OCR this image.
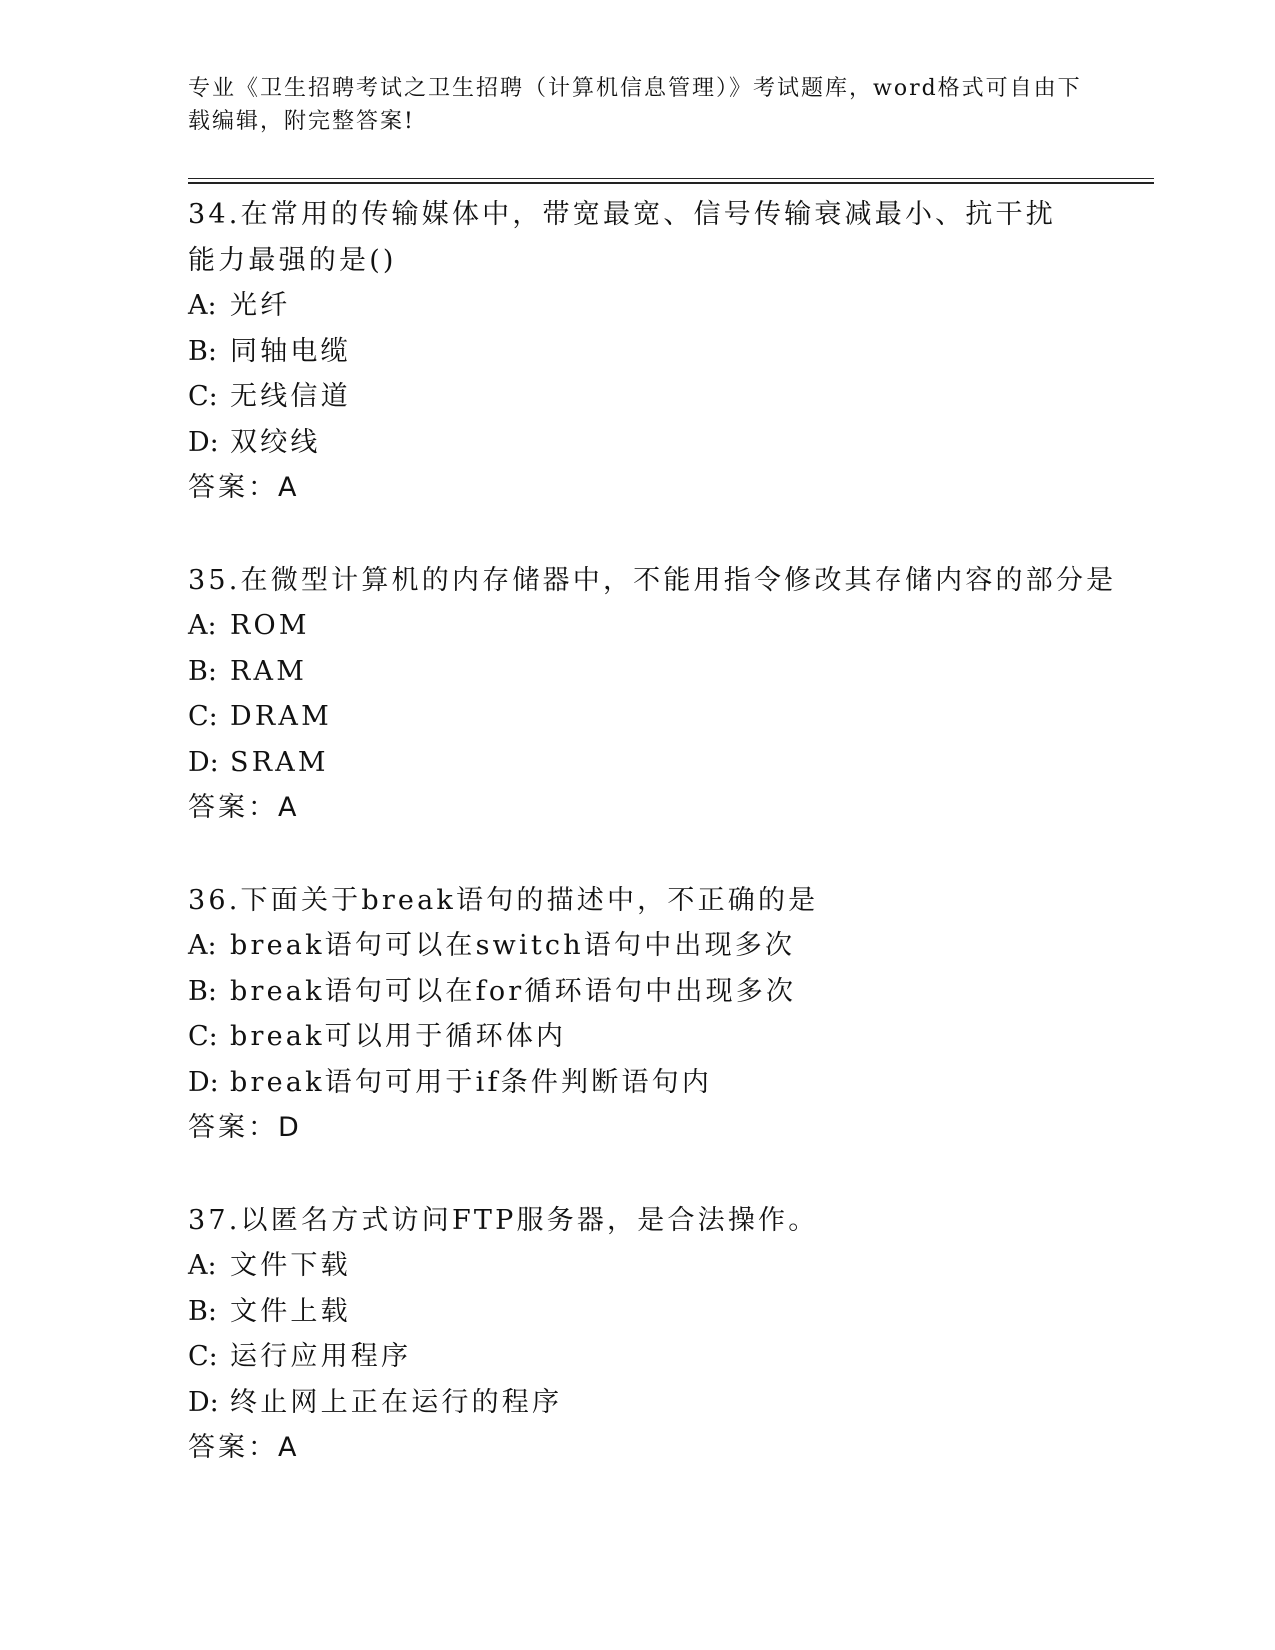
专业《卫生招聘考试之卫生招聘（计算机信息管理）》考试题库，word格式可自由下载编辑，附完整答案!
34.在常用的传输媒体中，带宽最宽、信号传输衰减最小、抗干扰能力最强的是()
A: 光纤
B: 同轴电缆
C: 无线信道
D: 双绞线
答案：A
35.在微型计算机的内存储器中，不能用指令修改其存储内容的部分是
A: ROM
B: RAM
C: DRAM
D: SRAM
答案：A
36.下面关于break语句的描述中，不正确的是
A: break语句可以在switch语句中出现多次
B: break语句可以在for循环语句中出现多次
C: break可以用于循环体内
D: break语句可用于if条件判断语句内
答案：D
37.以匿名方式访问FTP服务器，是合法操作。
A: 文件下载
B: 文件上载
C: 运行应用程序
D: 终止网上正在运行的程序
答案：A
